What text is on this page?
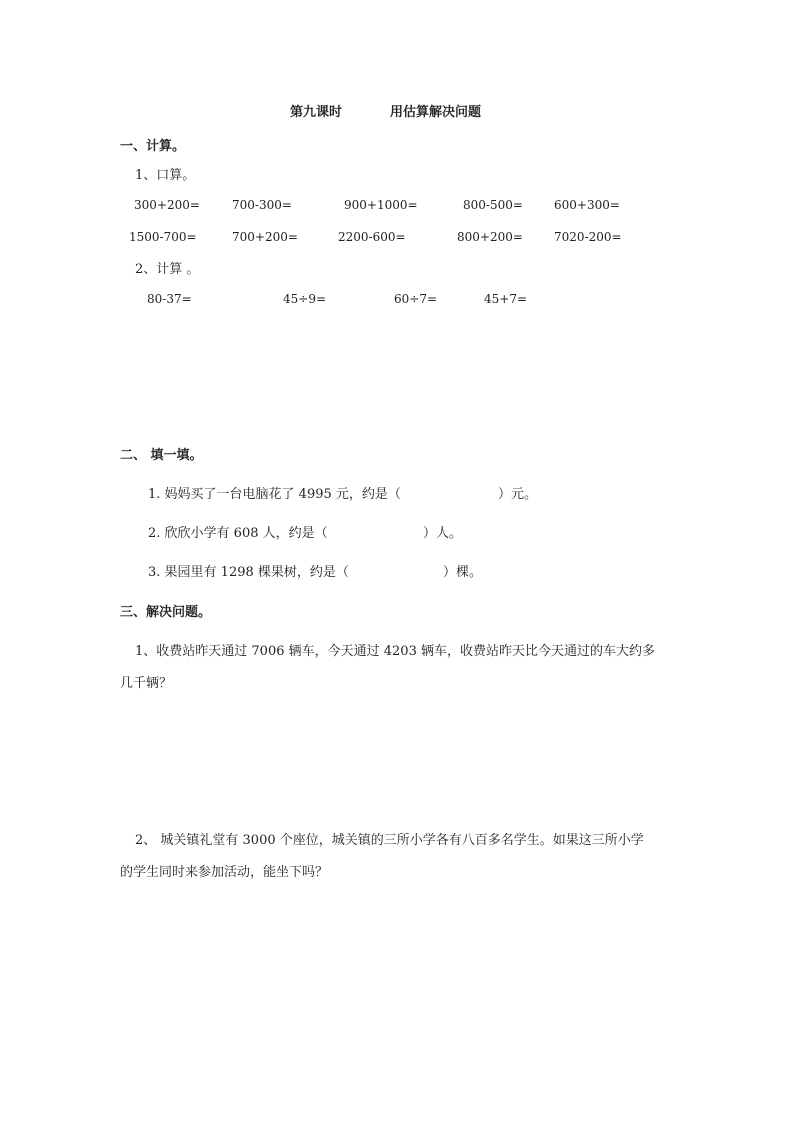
第九课时	用估算解决问题
一、计算。
1、口算。
300+200=	700-300=	900+1000=	800-500=	600+300=
1500-700=	700+200=	2200-600=	800+200=	7020-200=
2、计算 。
80-37=	45÷9=	60÷7=	45+7=
二、 填一填。
1. 妈妈买了一台电脑花了 4995 元，约是（	）元。
2. 欣欣小学有 608 人，约是（	）人。
3. 果园里有 1298 棵果树，约是（	）棵。
三、解决问题。
1、收费站昨天通过 7006 辆车，今天通过 4203 辆车，收费站昨天比今天通过的车大约多
几千辆？
2、 城关镇礼堂有 3000 个座位，城关镇的三所小学各有八百多名学生。如果这三所小学
的学生同时来参加活动，能坐下吗？
